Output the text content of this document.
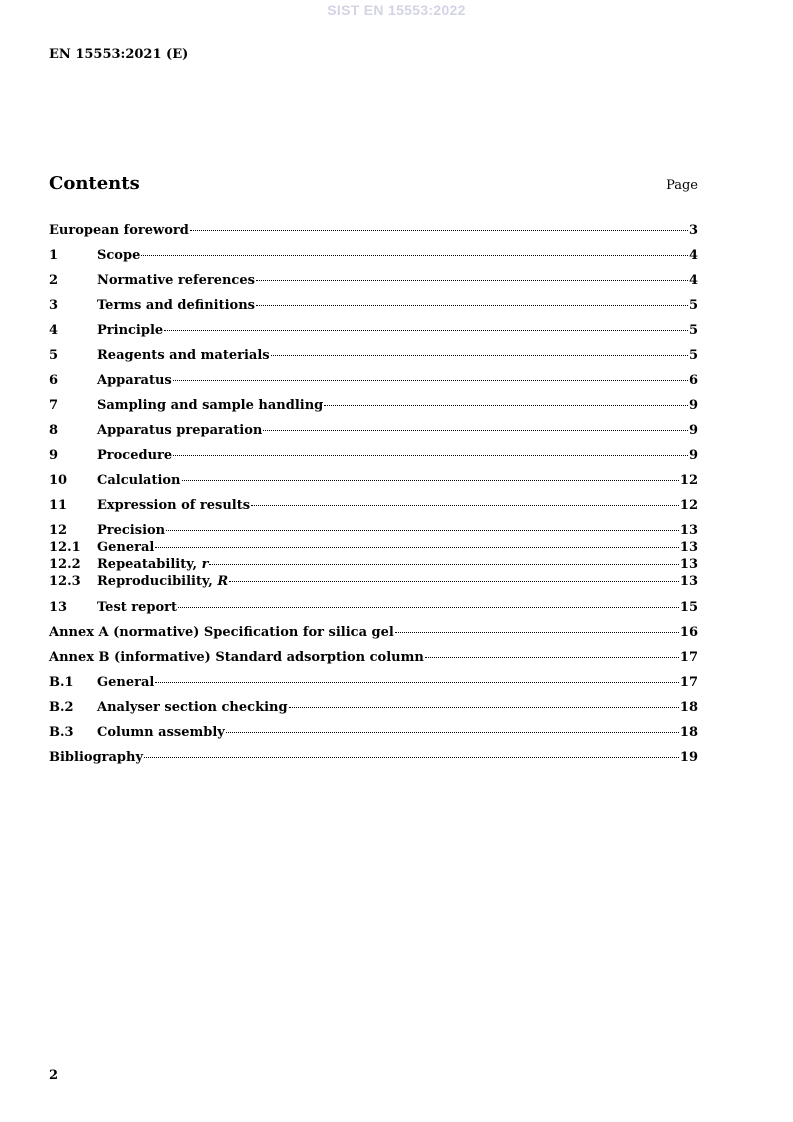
SIST EN 15553:2022
EN 15553:2021 (E)
Contents	Page
European foreword	3
1	Scope	4
2	Normative references	4
3	Terms and definitions	5
4	Principle	5
5	Reagents and materials	5
6	Apparatus	6
7	Sampling and sample handling	9
8	Apparatus preparation	9
9	Procedure	9
10	Calculation	12
11	Expression of results	12
12	Precision	13
12.1	General	13
12.2	Repeatability, r	13
12.3	Reproducibility, R	13
13	Test report	15
Annex A (normative) Specification for silica gel	16
Annex B (informative) Standard adsorption column	17
B.1	General	17
B.2	Analyser section checking	18
B.3	Column assembly	18
Bibliography	19
2
